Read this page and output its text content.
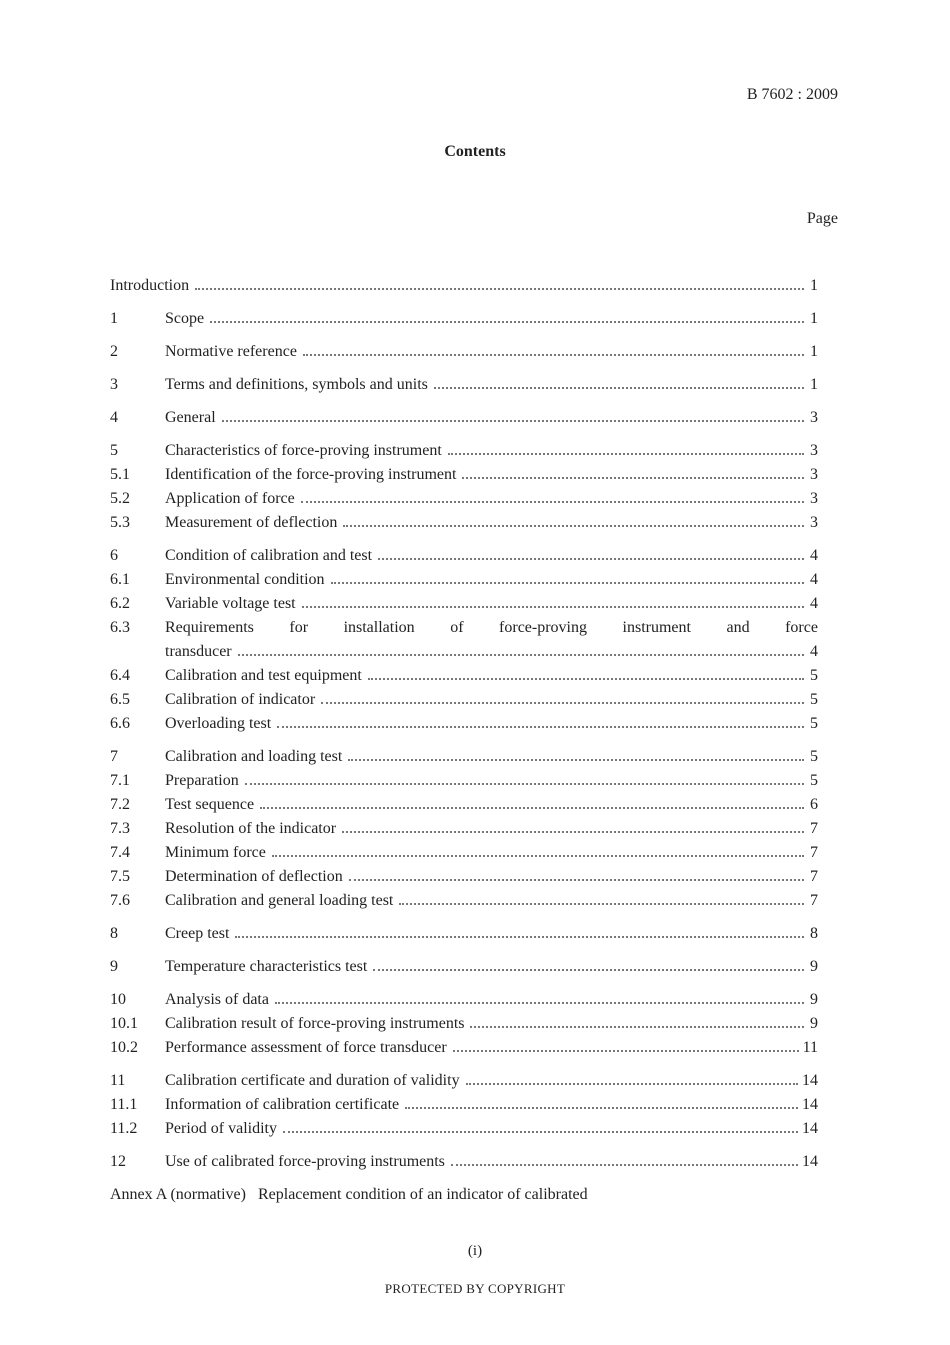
B 7602 : 2009
Contents
Page
Introduction	1
1	Scope	1
2	Normative reference	1
3	Terms and definitions, symbols and units	1
4	General	3
5	Characteristics of force-proving instrument	3
5.1	Identification of the force-proving instrument	3
5.2	Application of force	3
5.3	Measurement of deflection	3
6	Condition of calibration and test	4
6.1	Environmental condition	4
6.2	Variable voltage test	4
6.3	Requirements for installation of force-proving instrument and force
transducer	4
6.4	Calibration and test equipment	5
6.5	Calibration of indicator	5
6.6	Overloading test	5
7	Calibration and loading test	5
7.1	Preparation	5
7.2	Test sequence	6
7.3	Resolution of the indicator	7
7.4	Minimum force	7
7.5	Determination of deflection	7
7.6	Calibration and general loading test	7
8	Creep test	8
9	Temperature characteristics test	9
10	Analysis of data	9
10.1	Calibration result of force-proving instruments	9
10.2	Performance assessment of force transducer	11
11	Calibration certificate and duration of validity	14
11.1	Information of calibration certificate	14
11.2	Period of validity	14
12	Use of calibrated force-proving instruments	14
Annex A (normative) Replacement condition of an indicator of calibrated
(i)
PROTECTED BY COPYRIGHT
